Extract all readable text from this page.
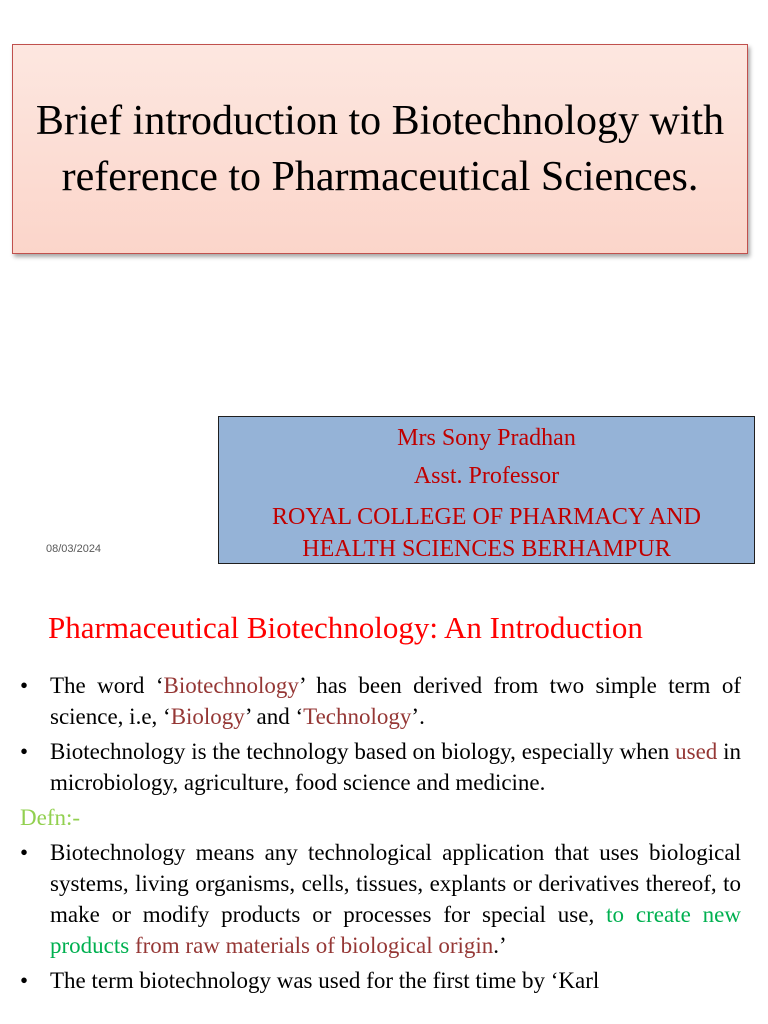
Brief introduction to Biotechnology with reference to Pharmaceutical Sciences.
Mrs Sony Pradhan
Asst. Professor
ROYAL COLLEGE OF PHARMACY AND HEALTH SCIENCES BERHAMPUR
08/03/2024
Pharmaceutical Biotechnology: An Introduction
• The word ‘Biotechnology’ has been derived from two simple term of science, i.e, ‘Biology’ and ‘Technology’.
• Biotechnology is the technology based on biology, especially when used in microbiology, agriculture, food science and medicine.
Defn:-
• Biotechnology means any technological application that uses biological systems, living organisms, cells, tissues, explants or derivatives thereof, to make or modify products or processes for special use, to create new products from raw materials of biological origin.’
• The term biotechnology was used for the first time by ‘Karl
